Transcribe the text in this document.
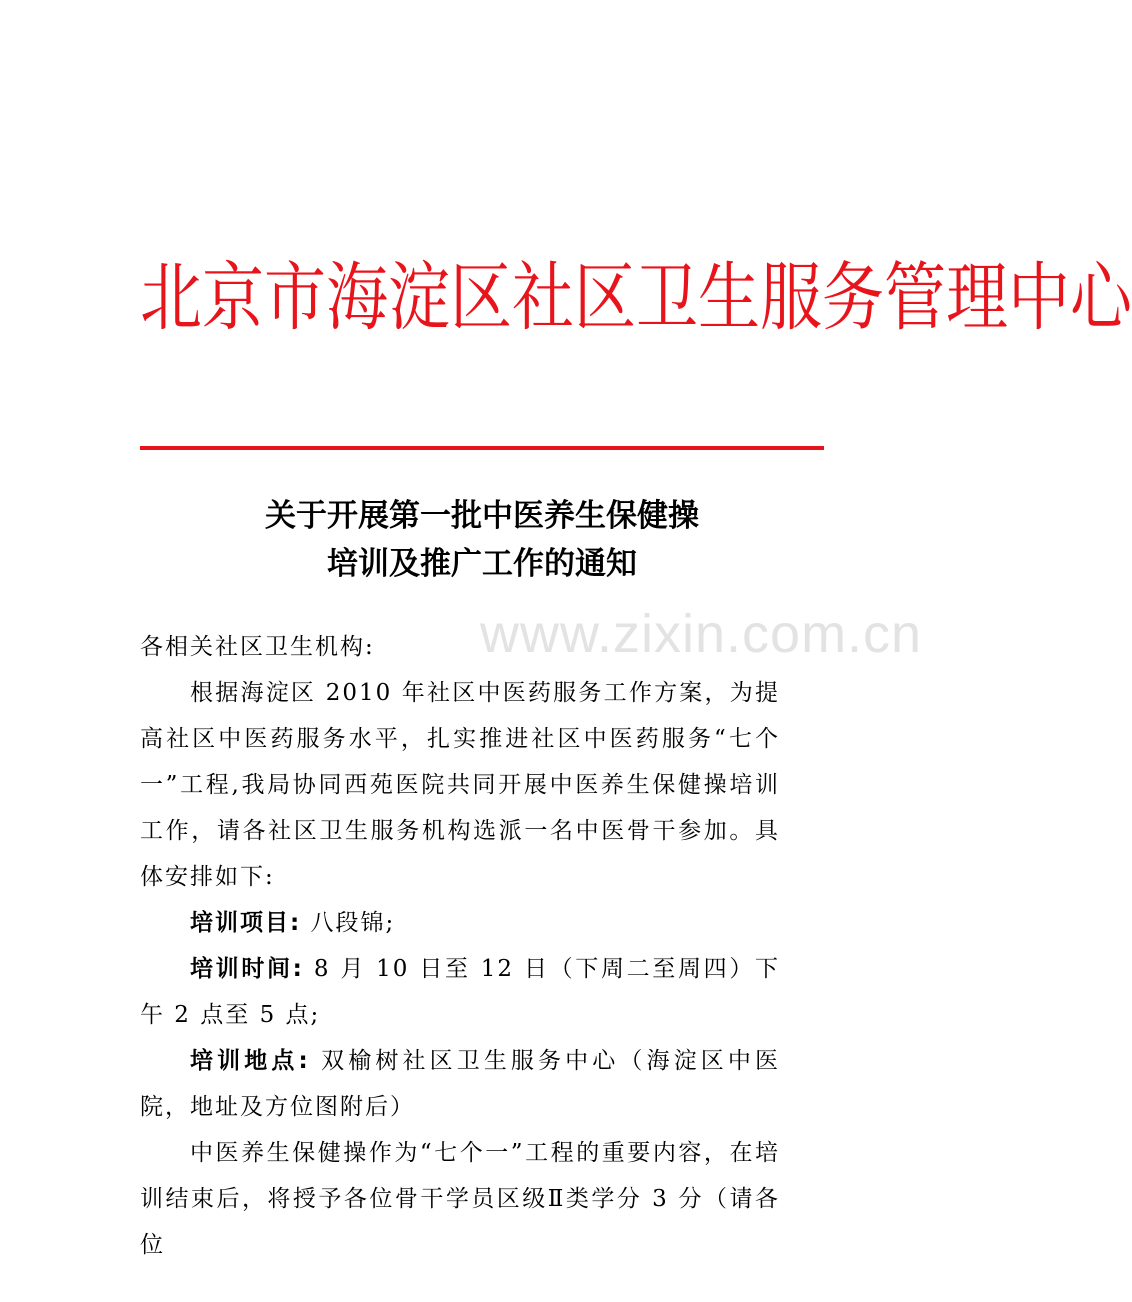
北京市海淀区社区卫生服务管理中心
关于开展第一批中医养生保健操
培训及推广工作的通知
www.zixin.com.cn

各相关社区卫生机构:

根据海淀区 2010 年社区中医药服务工作方案，为提高社区中医药服务水平，扎实推进社区中医药服务“七个一”工程,我局协同西苑医院共同开展中医养生保健操培训工作，请各社区卫生服务机构选派一名中医骨干参加。具体安排如下:

培训项目: 八段锦;

培训时间: 8 月 10 日至 12 日（下周二至周四）下午 2 点至 5 点;

培训地点: 双榆树社区卫生服务中心（海淀区中医院，地址及方位图附后）

中医养生保健操作为“七个一”工程的重要内容，在培训结束后，将授予各位骨干学员区级Ⅱ类学分 3 分（请各位
